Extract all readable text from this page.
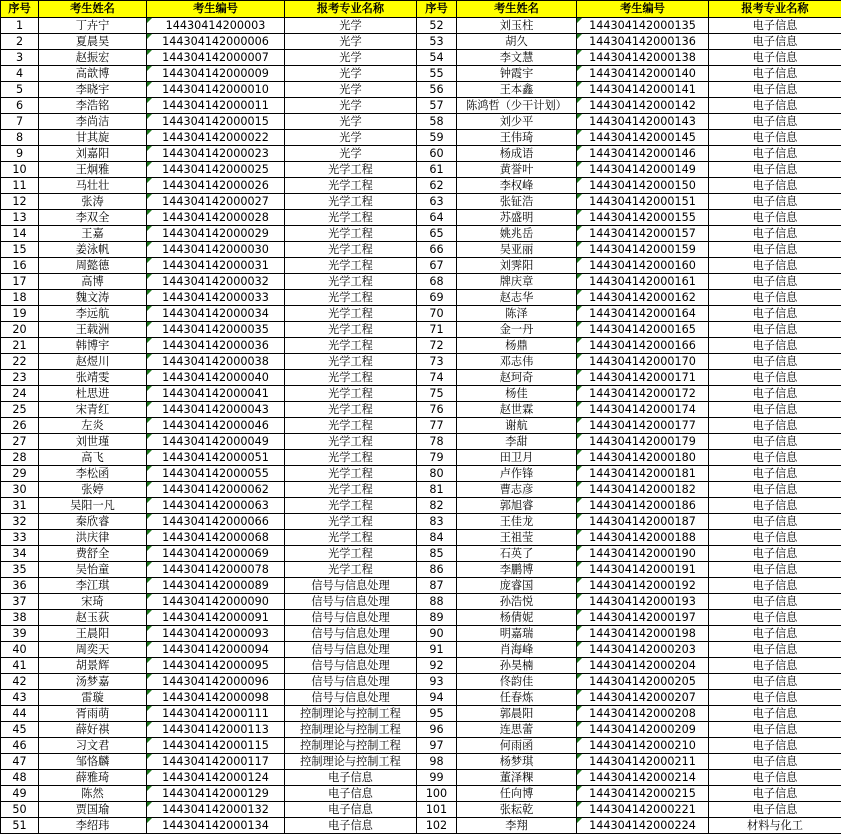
序号	考生姓名	考生编号	报考专业名称	序号	考生姓名	考生编号	报考专业名称
1	丁卉宁	14430414200003	光学	52	刘玉柱	144304142000135	电子信息
2	夏晨昊	144304142000006	光学	53	胡久	144304142000136	电子信息
3	赵振宏	144304142000007	光学	54	李文慧	144304142000138	电子信息
4	高歆博	144304142000009	光学	55	钟霞宇	144304142000140	电子信息
5	李晓宇	144304142000010	光学	56	王本鑫	144304142000141	电子信息
6	李浩铭	144304142000011	光学	57	陈鸿哲（少干计划）	144304142000142	电子信息
7	李尚洁	144304142000015	光学	58	刘少平	144304142000143	电子信息
8	甘其旋	144304142000022	光学	59	王伟琦	144304142000145	电子信息
9	刘嘉阳	144304142000023	光学	60	杨成语	144304142000146	电子信息
10	王炯雅	144304142000025	光学工程	61	黄誉叶	144304142000149	电子信息
11	马壮壮	144304142000026	光学工程	62	李权峰	144304142000150	电子信息
12	张涛	144304142000027	光学工程	63	张钲浩	144304142000151	电子信息
13	李双全	144304142000028	光学工程	64	苏盛明	144304142000155	电子信息
14	王嘉	144304142000029	光学工程	65	姚兆岳	144304142000157	电子信息
15	姜泳帆	144304142000030	光学工程	66	吴亚丽	144304142000159	电子信息
16	周懿德	144304142000031	光学工程	67	刘霁阳	144304142000160	电子信息
17	高博	144304142000032	光学工程	68	牌庆章	144304142000161	电子信息
18	魏文涛	144304142000033	光学工程	69	赵志华	144304142000162	电子信息
19	李远航	144304142000034	光学工程	70	陈泽	144304142000164	电子信息
20	王载洲	144304142000035	光学工程	71	金一丹	144304142000165	电子信息
21	韩博宇	144304142000036	光学工程	72	杨鼎	144304142000166	电子信息
22	赵煜川	144304142000038	光学工程	73	邓志伟	144304142000170	电子信息
23	张靖雯	144304142000040	光学工程	74	赵珂奇	144304142000171	电子信息
24	杜思进	144304142000041	光学工程	75	杨佳	144304142000172	电子信息
25	宋青红	144304142000043	光学工程	76	赵世霖	144304142000174	电子信息
26	左炎	144304142000046	光学工程	77	谢航	144304142000177	电子信息
27	刘世瑾	144304142000049	光学工程	78	李甜	144304142000179	电子信息
28	高飞	144304142000051	光学工程	79	田卫月	144304142000180	电子信息
29	李松函	144304142000055	光学工程	80	卢作锋	144304142000181	电子信息
30	张婷	144304142000062	光学工程	81	曹志彦	144304142000182	电子信息
31	吴阳一凡	144304142000063	光学工程	82	郭旭睿	144304142000186	电子信息
32	秦欣睿	144304142000066	光学工程	83	王佳龙	144304142000187	电子信息
33	洪庆律	144304142000068	光学工程	84	王祖莹	144304142000188	电子信息
34	费舒全	144304142000069	光学工程	85	石英了	144304142000190	电子信息
35	吴怡童	144304142000078	光学工程	86	李鹏博	144304142000191	电子信息
36	李江琪	144304142000089	信号与信息处理	87	庞睿国	144304142000192	电子信息
37	宋琦	144304142000090	信号与信息处理	88	孙浩悦	144304142000193	电子信息
38	赵玉荻	144304142000091	信号与信息处理	89	杨倩妮	144304142000197	电子信息
39	王晨阳	144304142000093	信号与信息处理	90	明嘉瑞	144304142000198	电子信息
40	周奕天	144304142000094	信号与信息处理	91	肖海峰	144304142000203	电子信息
41	胡景辉	144304142000095	信号与信息处理	92	孙昊楠	144304142000204	电子信息
42	汤梦嘉	144304142000096	信号与信息处理	93	佟韵佳	144304142000205	电子信息
43	雷璇	144304142000098	信号与信息处理	94	任春炼	144304142000207	电子信息
44	胥雨萌	144304142000111	控制理论与控制工程	95	郭晨阳	144304142000208	电子信息
45	薛好祺	144304142000113	控制理论与控制工程	96	连思蕾	144304142000209	电子信息
46	习文君	144304142000115	控制理论与控制工程	97	何雨函	144304142000210	电子信息
47	邹恪麟	144304142000117	控制理论与控制工程	98	杨梦琪	144304142000211	电子信息
48	薛雅琦	144304142000124	电子信息	99	董泽粿	144304142000214	电子信息
49	陈然	144304142000129	电子信息	100	任向博	144304142000215	电子信息
50	贾国瑜	144304142000132	电子信息	101	张耘乾	144304142000221	电子信息
51	李绍玮	144304142000134	电子信息	102	李翔	144304142000224	材料与化工
